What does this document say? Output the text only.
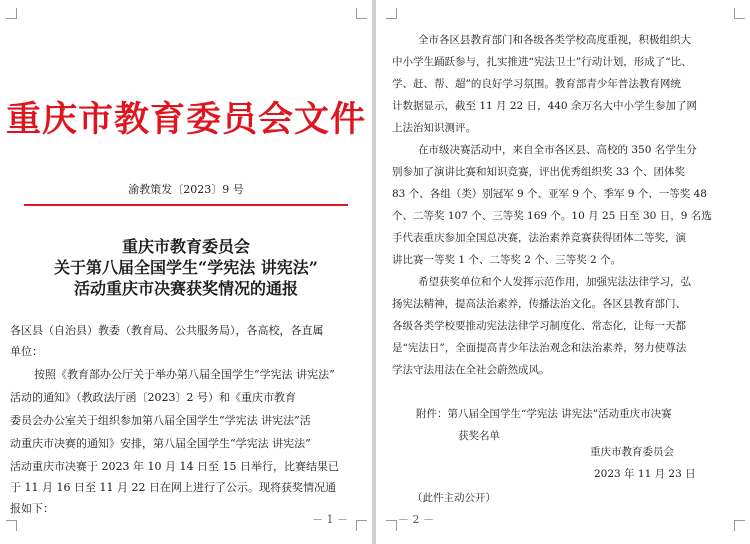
重庆市教育委员会文件
渝教策发〔2023〕9 号
重庆市教育委员会
关于第八届全国学生“学宪法 讲宪法”
活动重庆市决赛获奖情况的通报
各区县（自治县）教委（教育局、公共服务局），各高校，各直属
单位：
按照《教育部办公厅关于举办第八届全国学生“学宪法 讲宪法”
活动的通知》（教政法厅函〔2023〕2 号）和《重庆市教育
委员会办公室关于组织参加第八届全国学生“学宪法 讲宪法”活
动重庆市决赛的通知》安排，第八届全国学生“学宪法 讲宪法”
活动重庆市决赛于 2023 年 10 月 14 日至 15 日举行，比赛结果已
于 11 月 16 日至 11 月 22 日在网上进行了公示。现将获奖情况通
报如下：
－ 1 －
全市各区县教育部门和各级各类学校高度重视，积极组织大
中小学生踊跃参与，扎实推进“宪法卫士”行动计划，形成了“比、
学、赶、帮、超”的良好学习氛围。教育部青少年普法教育网统
计数据显示，截至 11 月 22 日，440 余万名大中小学生参加了网
上法治知识测评。
在市级决赛活动中，来自全市各区县、高校的 350 名学生分
别参加了演讲比赛和知识竞赛，评出优秀组织奖 33 个、团体奖
83 个、各组（类）别冠军 9 个、亚军 9 个、季军 9 个、一等奖 48
个、二等奖 107 个、三等奖 169 个。10 月 25 日至 30 日，9 名选
手代表重庆参加全国总决赛，法治素养竞赛获得团体二等奖，演
讲比赛一等奖 1 个、二等奖 2 个、三等奖 2 个。
希望获奖单位和个人发挥示范作用，加强宪法法律学习，弘
扬宪法精神，提高法治素养，传播法治文化。各区县教育部门、
各级各类学校要推动宪法法律学习制度化、常态化，让每一天都
是“宪法日”，全面提高青少年法治观念和法治素养，努力使尊法
学法守法用法在全社会蔚然成风。
附件：第八届全国学生“学宪法 讲宪法”活动重庆市决赛
获奖名单
重庆市教育委员会
2023 年 11 月 23 日
（此件主动公开）
－ 2 －
